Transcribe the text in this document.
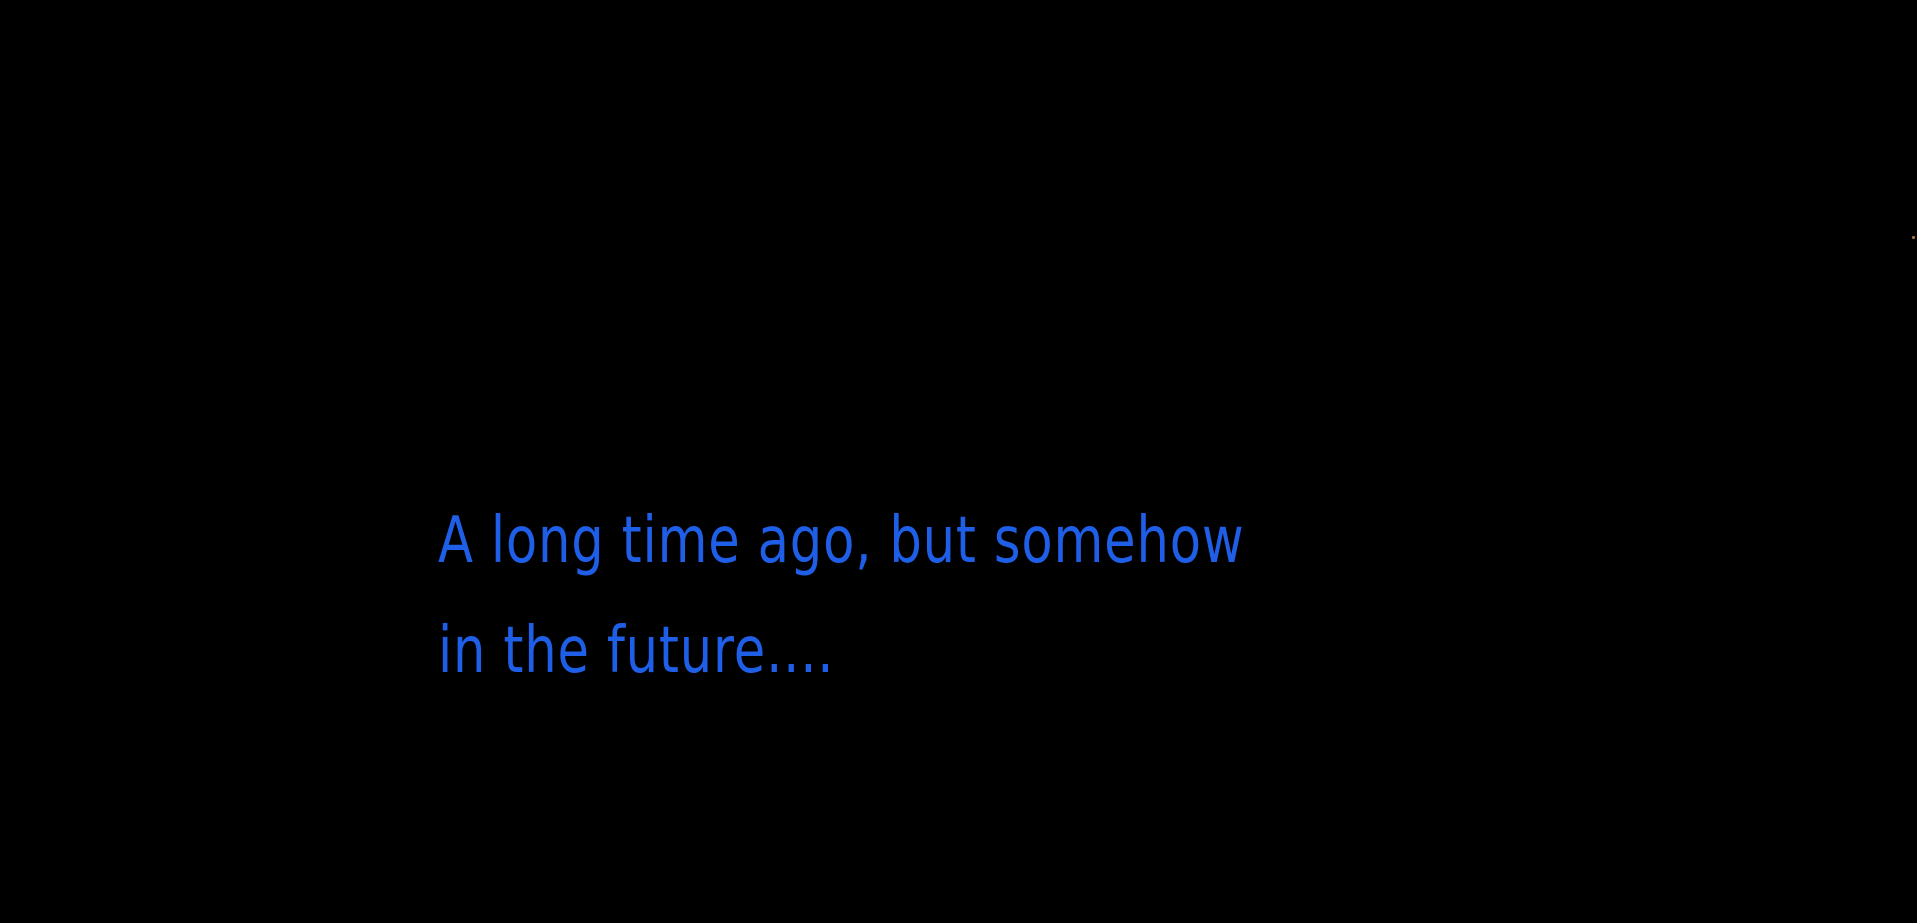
A long time ago, but somehow
in the future....
